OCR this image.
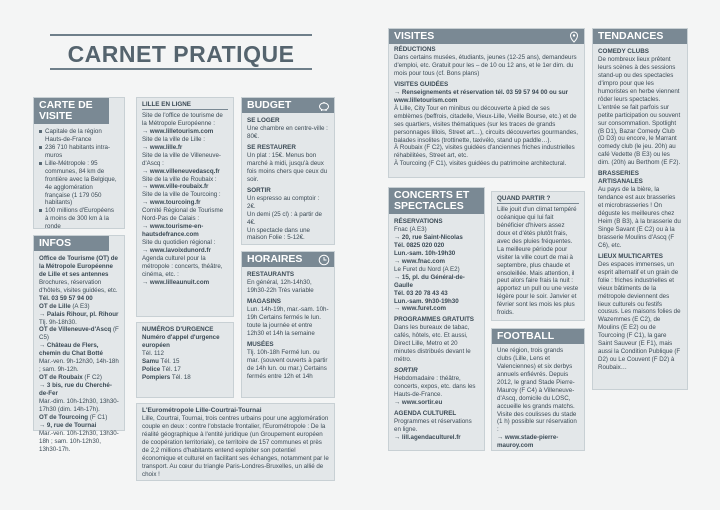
CARNET PRATIQUE
CARTE DE VISITE
Capitale de la région Hauts-de-France
236 710 habitants intra-muros
Lille-Métropole : 95 communes, 84 km de frontière avec la Belgique, 4e agglomération française (1 179 050 habitants)
100 millions d'Européens à moins de 300 km à la ronde
INFOS
Office de Tourisme (OT) de la Métropole Européenne de Lille et ses antennes
Brochures, réservation d'hôtels, visites guidées, etc.
Tél. 03 59 57 94 00
OT de Lille (A E3)
→ Palais Rihour, pl. Rihour
Tlj. 9h-18h30.
OT de Villeneuve-d'Ascq (F C5)
→ Château de Flers, chemin du Chat Botté
Mar.-ven. 9h-12h30, 14h-18h ; sam. 9h-12h.
OT de Roubaix (F C2)
→ 3 bis, rue du Cherché-de-Fer
Mar.-dim. 10h-12h30, 13h30-17h30 (dim. 14h-17h).
OT de Tourcoing (F C1)
→ 9, rue de Tournai
Mar.-ven. 10h-12h30, 13h30-18h ; sam. 10h-12h30, 13h30-17h.
LILLE EN LIGNE
Site de l'office de tourisme de la Métropole Européenne :
→ www.lilletourism.com
Site de la ville de Lille :
→ www.lille.fr
Site de la ville de Villeneuve-d'Ascq :
→ www.villeneuvedascq.fr
Site de la ville de Roubaix :
→ www.ville-roubaix.fr
Site de la ville de Tourcoing :
→ www.tourcoing.fr
Comité Régional de Tourisme Nord-Pas de Calais :
→ www.tourisme-en-hautsdefrance.com
Site du quotidien régional :
→ www.lavoixdunord.fr
Agenda culturel pour la métropole : concerts, théâtre, cinéma, etc. :
→ www.lilleaunuit.com
NUMÉROS D'URGENCE
Numéro d'appel d'urgence européen
Tél. 112
Samu Tél. 15
Police Tél. 17
Pompiers Tél. 18
BUDGET
SE LOGER
Une chambre en centre-ville : 80€.
SE RESTAURER
Un plat : 15€. Menus bon marché à midi, jusqu'à deux fois moins chers que ceux du soir.
SORTIR
Un espresso au comptoir : 2€.
Un demi (25 cl) : à partir de 4€.
Un spectacle dans une maison Folie : 5-12€.
HORAIRES
RESTAURANTS
En général, 12h-14h30, 19h30-22h Très variable
MAGASINS
Lun. 14h-19h, mar.-sam. 10h-19h Certains fermés le lun. toute la journée et entre 12h30 et 14h la semaine
MUSÉES
Tlj. 10h-18h Fermé lun. ou mar. (souvent ouverts à partir de 14h lun. ou mar.) Certains fermés entre 12h et 14h
L'Eurométropole Lille-Courtrai-Tournai
Lille, Courtrai, Tournai, trois centres urbains pour une agglomération couple en deux : contre l'obstacle frontalier, l'Eurométropole : De la réalité géographique à l'entité juridique (un Groupement européen de coopération territoriale), ce territoire de 157 communes et près de 2,2 millions d'habitants entend exploiter son potentiel économique et culturel en facilitant ses échanges, notamment par le transport. Au cœur du triangle Paris-Londres-Bruxelles, un allié de choix !
VISITES
RÉDUCTIONS
Dans certains musées, étudiants, jeunes (12-25 ans), demandeurs d'emploi, etc. Gratuit pour les – de 10 ou 12 ans, et le 1er dim. du mois pour tous (cf. Bons plans)
VISITES GUIDÉES
→ Renseignements et réservation tél. 03 59 57 94 00 ou sur www.lilletourism.com
À Lille, City Tour en minibus ou découverte à pied de ses emblèmes (beffrois, citadelle, Vieux-Lille, Vieille Bourse, etc.) et de ses quartiers, visites thématiques (sur les traces de grands personnages lillois, Street art…), circuits découvertes gourmandes, balades insolites (trottinette, taxivélo, stand up paddle…).
À Roubaix (F C2), visites guidées d'anciennes friches industrielles réhabilitées, Street art, etc.
À Tourcoing (F C1), visites guidées du patrimoine architectural.
CONCERTS ET SPECTACLES
RÉSERVATIONS
Fnac (A E3)
→ 20, rue Saint-Nicolas
Tél. 0825 020 020
Lun.-sam. 10h-19h30
→ www.fnac.com
Le Furet du Nord (A E2)
→ 15, pl. du Général-de-Gaulle
Tél. 03 20 78 43 43
Lun.-sam. 9h30-19h30
→ www.furet.com
PROGRAMMES GRATUITS
Dans les bureaux de tabac, cafés, hôtels, etc. Et aussi, Direct Lille, Metro et 20 minutes distribués devant le métro.
SORTIR
Hebdomadaire : théâtre, concerts, expos, etc. dans les Hauts-de-France.
→ www.sortir.eu
AGENDA CULTUREL
Programmes et réservations en ligne.
→ lill.agendaculturel.fr
QUAND PARTIR ?
Lille jouit d'un climat tempéré océanique qui lui fait bénéficier d'hivers assez doux et d'étés plutôt frais, avec des pluies fréquentes. La meilleure période pour visiter la ville court de mai à septembre, plus chaude et ensoleillée. Mais attention, il peut alors faire frais la nuit : apportez un pull ou une veste légère pour le soir. Janvier et février sont les mois les plus froids.
FOOTBALL
Une région, trois grands clubs (Lille, Lens et Valenciennes) et six derbys annuels enfiévrés. Depuis 2012, le grand Stade Pierre-Mauroy (F C4) à Villeneuve-d'Ascq, domicile du LOSC, accueille les grands matchs. Visite des coulisses du stade (1 h) possible sur réservation :
→ www.stade-pierre-mauroy.com
TENDANCES
COMEDY CLUBS
De nombreux lieux prêtent leurs scènes à des sessions stand-up ou des spectacles d'impro pour que les humoristes en herbe viennent rôder leurs spectacles. L'entrée se fait parfois sur petite participation ou souvent sur consommation. Spotlight (B D1), Bazar Comedy Club (D D3) ou encore, le Marrant comedy club (le jeu. 20h) au café Vedette (B E3) ou les dim. (20h) au Berthom (E F2).
BRASSERIES ARTISANALES
Au pays de la bière, la tendance est aux brasseries et microbrasseries ! On déguste les meilleures chez Heim (B B3), à la brasserie du Singe Savant (E C2) ou à la brasserie Moulins d'Ascq (F C6), etc.
LIEUX MULTICARTES
Des espaces immenses, un esprit alternatif et un grain de folie : friches industrielles et vieux bâtiments de la métropole deviennent des lieux culturels ou festifs cousus. Les maisons folies de Wazemmes (E C2), de Moulins (E E2) ou de Tourcoing (F C1), la gare Saint Sauveur (E F1), mais aussi la Condition Publique (F D2) ou Le Couvent (F D2) à Roubaix…
